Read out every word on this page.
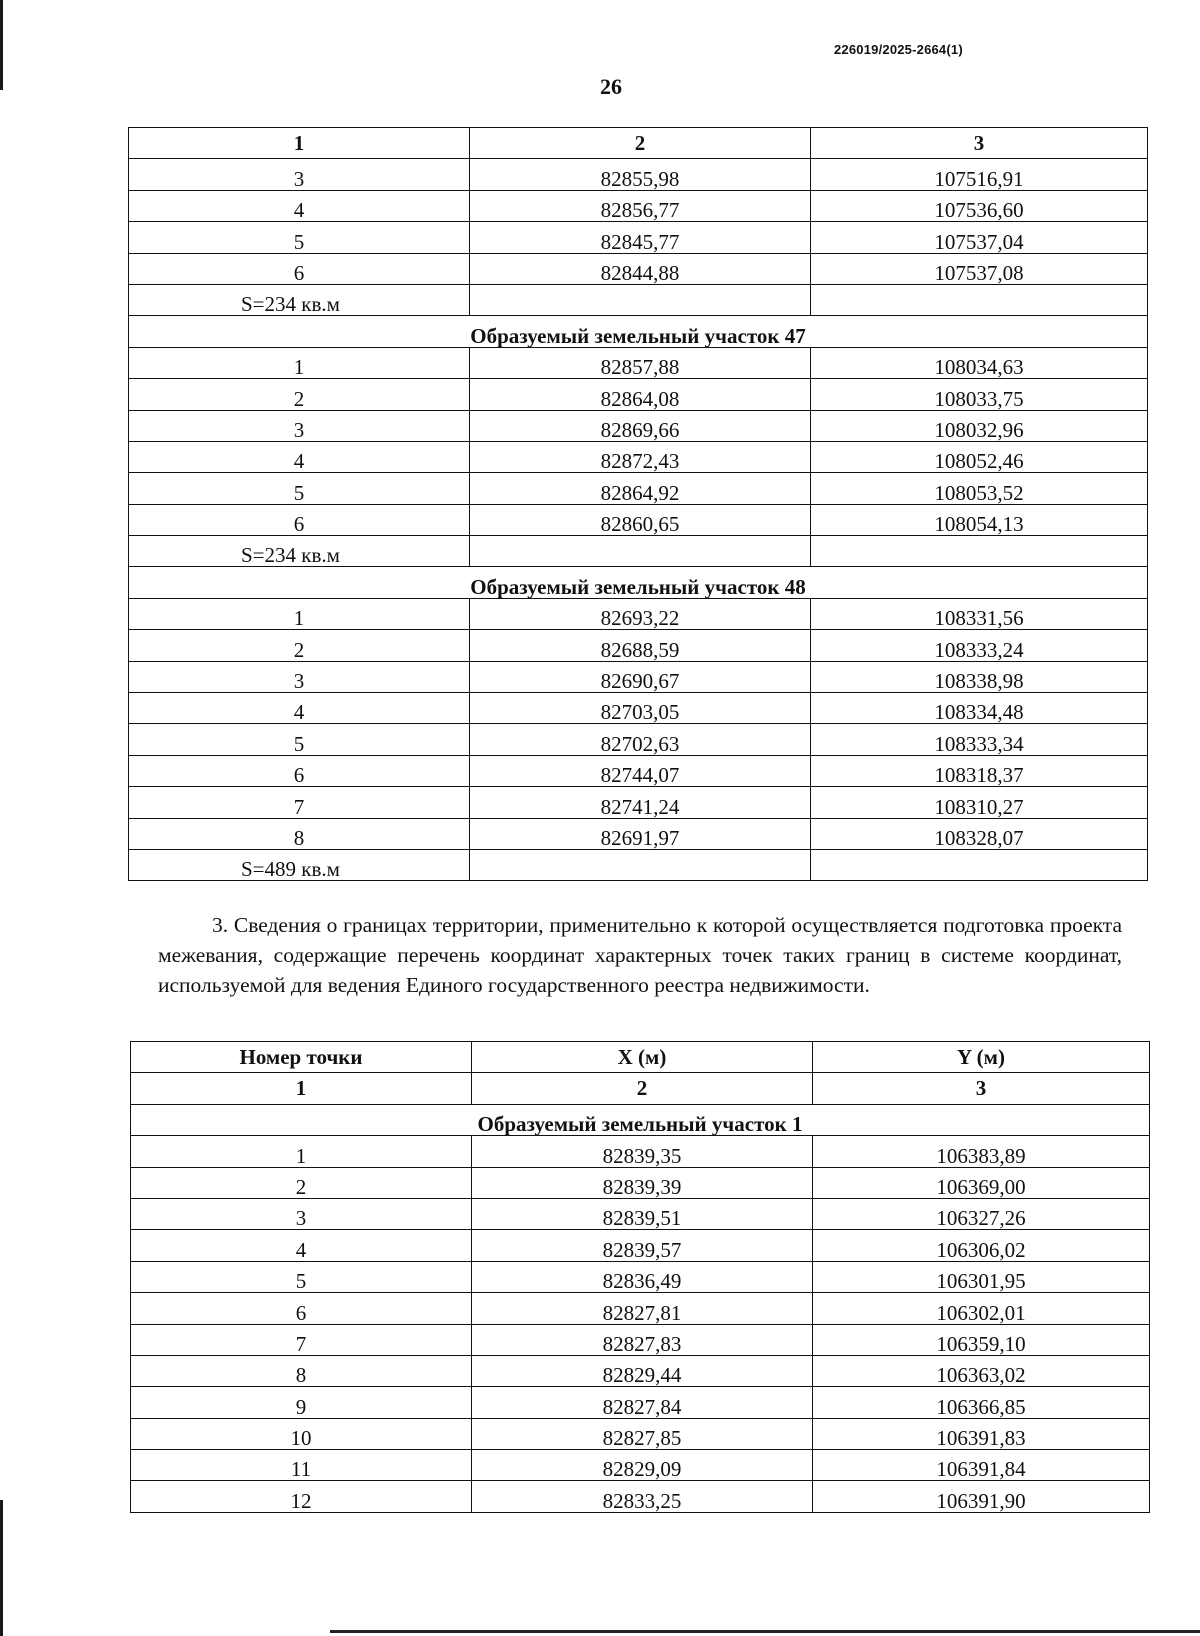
226019/2025-2664(1)
26
1	2	3
3	82855,98	107516,91
4	82856,77	107536,60
5	82845,77	107537,04
6	82844,88	107537,08
S=234 кв.м		
Образуемый земельный участок 47		
1	82857,88	108034,63
2	82864,08	108033,75
3	82869,66	108032,96
4	82872,43	108052,46
5	82864,92	108053,52
6	82860,65	108054,13
S=234 кв.м		
Образуемый земельный участок 48		
1	82693,22	108331,56
2	82688,59	108333,24
3	82690,67	108338,98
4	82703,05	108334,48
5	82702,63	108333,34
6	82744,07	108318,37
7	82741,24	108310,27
8	82691,97	108328,07
S=489 кв.м		
3. Сведения о границах территории, применительно к которой осуществляется подготовка проекта межевания, содержащие перечень координат характерных точек таких границ в системе координат, используемой для ведения Единого государственного реестра недвижимости.
Номер точки	X (м)	Y (м)
1	2	3
Образуемый земельный участок 1		
1	82839,35	106383,89
2	82839,39	106369,00
3	82839,51	106327,26
4	82839,57	106306,02
5	82836,49	106301,95
6	82827,81	106302,01
7	82827,83	106359,10
8	82829,44	106363,02
9	82827,84	106366,85
10	82827,85	106391,83
11	82829,09	106391,84
12	82833,25	106391,90
